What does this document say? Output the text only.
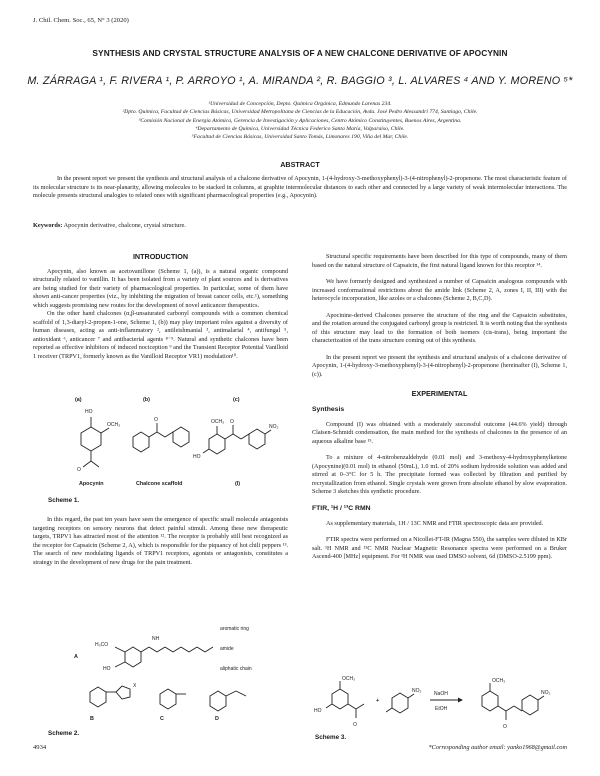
J. Chil. Chem. Soc., 65, N° 3 (2020)
SYNTHESIS AND CRYSTAL STRUCTURE ANALYSIS OF A NEW CHALCONE DERIVATIVE OF APOCYNIN
M. ZÁRRAGA ¹, F. RIVERA ¹, P. ARROYO ¹, A. MIRANDA ², R. BAGGIO ³, L. ALVARES ⁴ AND Y. MORENO ⁵*
¹Universidad de Concepción, Depto. Química Orgánica, Edmundo Larenas 234.
²Dpto. Química, Facultad de Ciencias Básicas, Universidad Metropolitana de Ciencias de la Educación, Avda. José Pedro Alessandri 774, Santiago, Chile.
³Comisión Nacional de Energía Atómica, Gerencia de Investigación y Aplicaciones, Centro Atómico Constituyentes, Buenos Aires, Argentina.
⁴Departamento de Química, Universidad Técnica Federico Santa María, Valparaíso, Chile.
⁵Facultad de Ciencias Básicas, Universidad Santo Tomás, Limonares 190, Viña del Mar, Chile.
ABSTRACT
In the present report we present the synthesis and structural analysis of a chalcone derivative of Apocynin, 1-(4-hydroxy-3-methoxyphenyl)-3-(4-nitrophenyl)-2-propenone. The most characteristic feature of its molecular structure is its near-planarity, allowing molecules to be stacked in columns, at graphite intermolecular distances to each other and connected by a large variety of weak intermolecular interactions. The molecule presents structural analogies to related ones with significant pharmacological properties (e.g., Apocynin).
Keywords: Apocynin derivative, chalcone, crystal structure.
INTRODUCTION

Apocynin, also known as acetovanillone (Scheme 1, (a)), is a natural organic compound structurally related to vanillin. It has been isolated from a variety of plant sources and is derivatives are being studied for their variety of pharmacological properties. In particular, some of them have shown anti-cancer properties (viz., by inhibiting the migration of breast cancer cells, etc.¹), something which suggests promising new routes for the development of novel anticancer therapeutics.

On the other hand chalcones (α,β-unsaturated carbonyl compounds with a common chemical scaffold of 1,3-diaryl-2-propen-1-one, Scheme 1, (b)) may play important roles against a diversity of human diseases, acting as anti-inflammatory ², antileishmanial ³, antimalarial ⁴, antifungal ⁵, antioxidant ⁶, anticancer ⁷ and antibacterial agents ⁸⁻⁹. Natural and synthetic chalcones have been reported as effective inhibitors of induced nociception ⁹ and the Transient Receptor Potential Vanilloid 1 receiver (TRPV1, formerly known as the Vanilloid Receptor VR1) modulation¹⁰.

(a)	(b)	(c)
HO
OCH₃
O
O	OCH₃
HO
O
NO₂
Apocynin	Chalcone scaffold	(I)
Scheme 1.

In this regard, the past ten years have seen the emergence of specific small molecule antagonists targeting receptors on sensory neurons that detect painful stimuli. Among these new therapeutic targets, TRPV1 has attracted most of the attention ¹². The receptor is probably still best recognized as the receptor for Capsaicin (Scheme 2, A), which is responsible for the piquancy of hot chili peppers ¹³. The search of new modulating ligands of TRPV1 receptors, agonists or antagonists, constitutes a strategy in the development of new drugs for the pain treatment.

H₃CO
HO
NH
A
aromatic ring
amide
aliphatic chain
B	C	D
X
Scheme 2.

Structural specific requirements have been described for this type of compounds, many of them based on the natural structure of Capsaicin, the first natural ligand known for this receptor ¹⁴.

We have formerly designed and synthesized a number of Capsaicin analogous compounds with increased conformational restrictions about the amide link (Scheme 2, A, zones I, II, III) with the heterocycle incorporation, like azoles or a chalcones (Scheme 2, B,C,D).

Apocinine-derived Chalcones preserve the structure of the ring and the Capsaicin substitutes, and the rotation around the conjugated carbonyl group is restricted. It is worth noting that the synthesis of this structure may lead to the formation of both isomers (cis-trans), being important the characterization of the trans structure coming out of this synthesis.

In the present report we present the synthesis and structural analysis of a chalcone derivative of Apocynin, 1-(4-hydroxy-3-methoxyphenyl)-3-(4-nitrophenyl)-2-propenone (hereinafter (I), Scheme 1, (c)).

EXPERIMENTAL
Synthesis

Compound (I) was obtained with a moderately successful outcome (44.6% yield) through Claisen-Schmidt condensation, the main method for the synthesis of chalcones in the presence of an aqueous alkaline base ¹⁵.

To a mixture of 4-nitrobenzaldehyde (0.01 mol) and 3-methoxy-4-hydroxyphenylketone (Apocynine)(0.01 mol) in ethanol (50mL), 1.0 mL of 20% sodium hydroxide solution was added and stirred at 0–3°C for 5 h. The precipitate formed was collected by filtration and purified by recrystallization from ethanol. Single crystals were grown from absolute ethanol by slow evaporation. Scheme 3 sketches this synthetic procedure.

FTIR, ¹H / ¹³C RMN

As supplementary materials, 1H / 13C NMR and FTIR spectroscopic data are provided.

FTIR spectra were performed on a Nicollet-FT-IR (Magna 550), the samples were diluted in KBr salt. ¹H NMR and ¹³C NMR Nuclear Magnetic Resonance spectra were performed on a Bruker Ascend-400 [MHz] equipment. For ¹H NMR was used DMSO solvent, 6d (DMSO-2.5199 ppm).

OCH₃
HO
O
+
NO₂	NaOH
EtOH
OCH₃
O
NO₂
Scheme 3.
4934	*Corresponding author email: yanko1968@gmail.com
